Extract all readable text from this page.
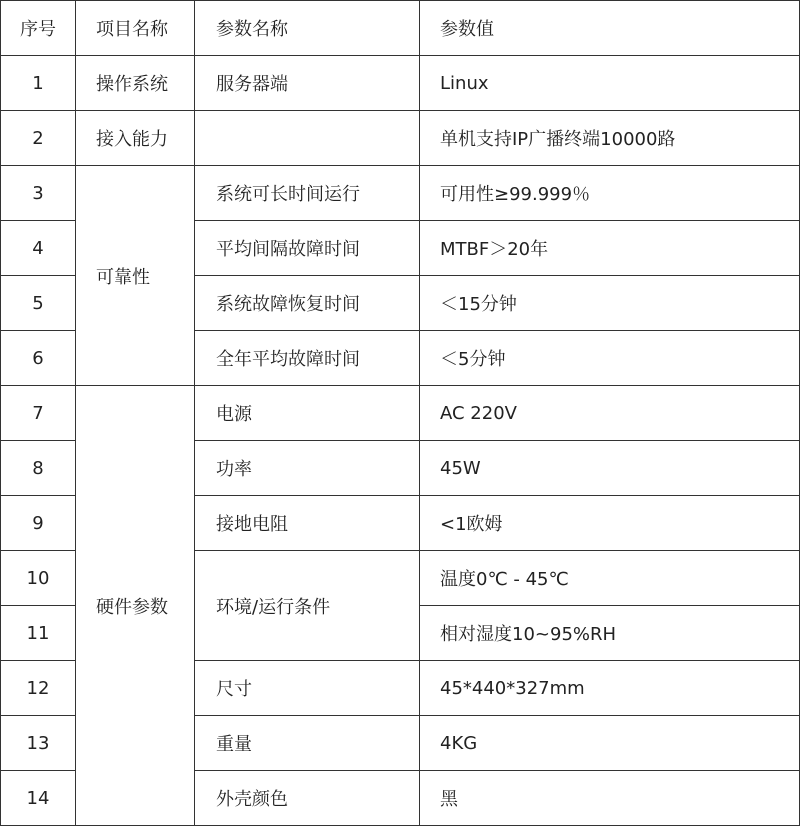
序号	项目名称	参数名称	参数值
1	操作系统	服务器端	Linux
2	接入能力		单机支持IP广播终端10000路
3	可靠性	系统可长时间运行	可用性≥99.999％
4		平均间隔故障时间	MTBF＞20年
5		系统故障恢复时间	＜15分钟
6		全年平均故障时间	＜5分钟
7	硬件参数	电源	AC 220V
8		功率	45W
9		接地电阻	<1欧姆
10		环境/运行条件	温度0℃ - 45℃
11			相对湿度10~95%RH
12		尺寸	45*440*327mm
13		重量	4KG
14		外壳颜色	黑
